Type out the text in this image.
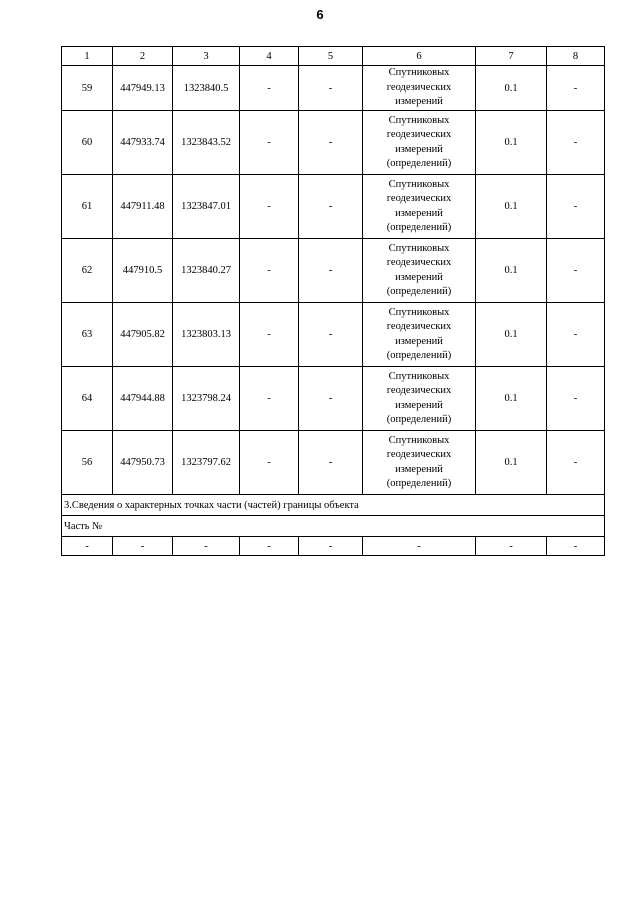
6
1	2	3	4	5	6	7	8
59	447949.13	1323840.5	-	-	Спутниковых геодезических измерений	0.1	-
60	447933.74	1323843.52	-	-	Спутниковых геодезических измерений (определений)	0.1	-
61	447911.48	1323847.01	-	-	Спутниковых геодезических измерений (определений)	0.1	-
62	447910.5	1323840.27	-	-	Спутниковых геодезических измерений (определений)	0.1	-
63	447905.82	1323803.13	-	-	Спутниковых геодезических измерений (определений)	0.1	-
64	447944.88	1323798.24	-	-	Спутниковых геодезических измерений (определений)	0.1	-
56	447950.73	1323797.62	-	-	Спутниковых геодезических измерений (определений)	0.1	-
3.Сведения о характерных точках части (частей) границы объекта							
Часть №							
-	-	-	-	-	-	-	-
